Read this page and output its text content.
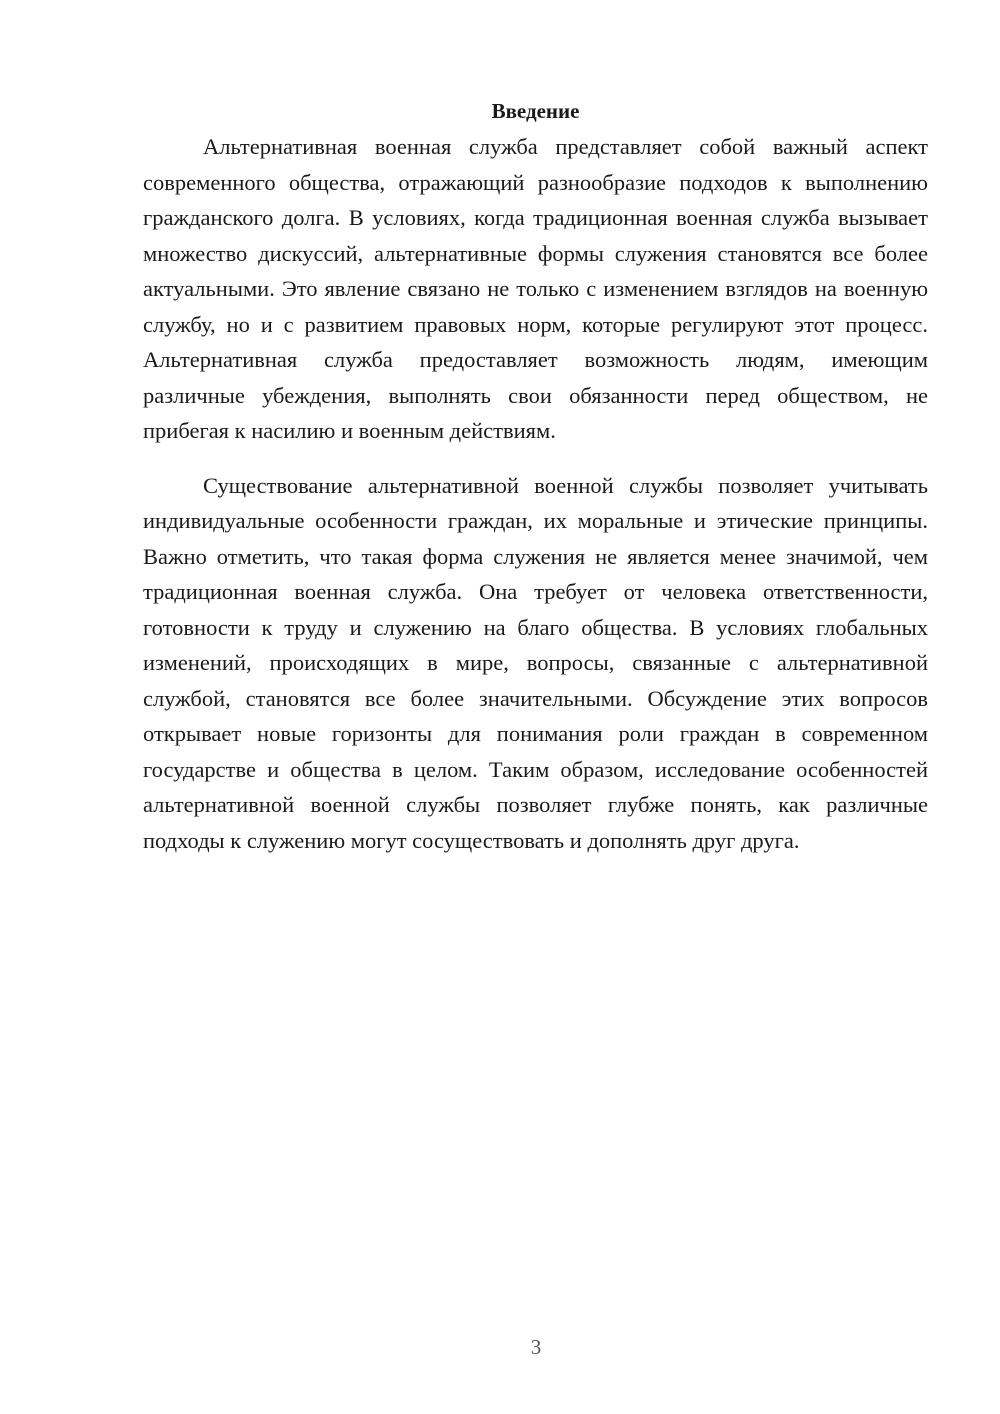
Введение

Альтернативная военная служба представляет собой важный аспект современного общества, отражающий разнообразие подходов к выполнению гражданского долга. В условиях, когда традиционная военная служба вызывает множество дискуссий, альтернативные формы служения становятся все более актуальными. Это явление связано не только с изменением взглядов на военную службу, но и с развитием правовых норм, которые регулируют этот процесс. Альтернативная служба предоставляет возможность людям, имеющим различные убеждения, выполнять свои обязанности перед обществом, не прибегая к насилию и военным действиям.

Существование альтернативной военной службы позволяет учитывать индивидуальные особенности граждан, их моральные и этические принципы. Важно отметить, что такая форма служения не является менее значимой, чем традиционная военная служба. Она требует от человека ответственности, готовности к труду и служению на благо общества. В условиях глобальных изменений, происходящих в мире, вопросы, связанные с альтернативной службой, становятся все более значительными. Обсуждение этих вопросов открывает новые горизонты для понимания роли граждан в современном государстве и общества в целом. Таким образом, исследование особенностей альтернативной военной службы позволяет глубже понять, как различные подходы к служению могут сосуществовать и дополнять друг друга.

3
